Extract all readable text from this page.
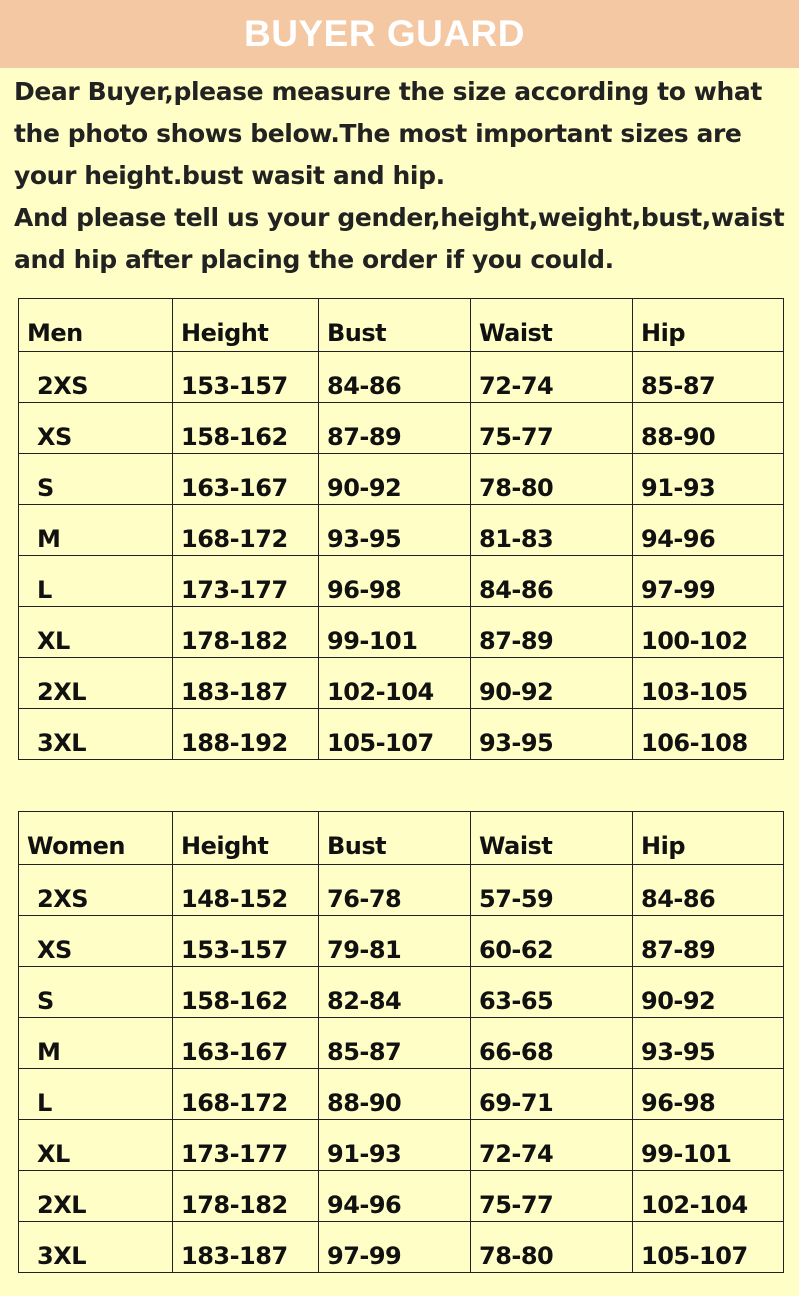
BUYER GUARD
Dear Buyer,please measure the size according to what
the photo shows below.The most important sizes are
your height.bust wasit and hip.
And please tell us your gender,height,weight,bust,waist
and hip after placing the order if you could.
Men	Height	Bust	Waist	Hip
2XS	153-157	84-86	72-74	85-87
XS	158-162	87-89	75-77	88-90
S	163-167	90-92	78-80	91-93
M	168-172	93-95	81-83	94-96
L	173-177	96-98	84-86	97-99
XL	178-182	99-101	87-89	100-102
2XL	183-187	102-104	90-92	103-105
3XL	188-192	105-107	93-95	106-108
Women	Height	Bust	Waist	Hip
2XS	148-152	76-78	57-59	84-86
XS	153-157	79-81	60-62	87-89
S	158-162	82-84	63-65	90-92
M	163-167	85-87	66-68	93-95
L	168-172	88-90	69-71	96-98
XL	173-177	91-93	72-74	99-101
2XL	178-182	94-96	75-77	102-104
3XL	183-187	97-99	78-80	105-107
